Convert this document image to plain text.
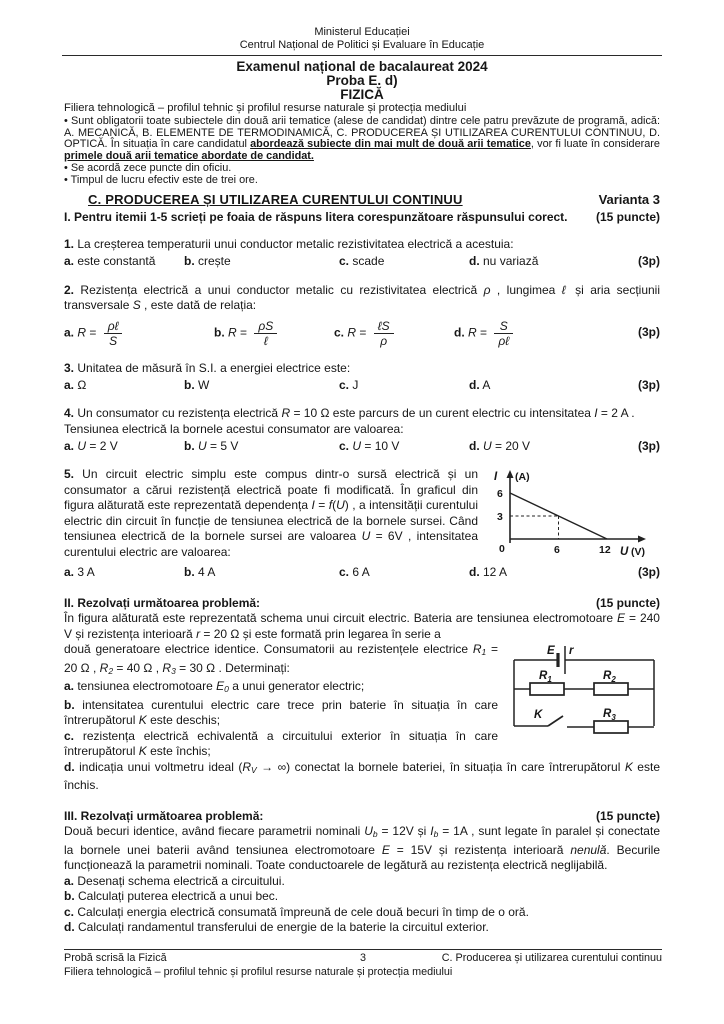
Ministerul Educației
Centrul Național de Politici și Evaluare în Educație
Examenul național de bacalaureat 2024
Proba E. d)
FIZICĂ
Filiera tehnologică – profilul tehnic și profilul resurse naturale și protecția mediului

• Sunt obligatorii toate subiectele din două arii tematice (alese de candidat) dintre cele patru prevăzute de programă, adică: A. MECANICĂ, B. ELEMENTE DE TERMODINAMICĂ, C. PRODUCEREA ȘI UTILIZAREA CURENTULUI CONTINUU, D. OPTICĂ. În situația în care candidatul abordează subiecte din mai mult de două arii tematice, vor fi luate în considerare primele două arii tematice abordate de candidat.

• Se acordă zece puncte din oficiu.

• Timpul de lucru efectiv este de trei ore.

C. PRODUCEREA ȘI UTILIZAREA CURENTULUI CONTINUU	Varianta 3
I. Pentru itemii 1-5 scrieți pe foaia de răspuns litera corespunzătoare răspunsului corect. (15 puncte)

1. La creșterea temperaturii unui conductor metalic rezistivitatea electrică a acestuia:

a. este constantă	b. crește	c. scade	d. nu variază	(3p)

2. Rezistența electrică a unui conductor metalic cu rezistivitatea electrică ρ , lungimea ℓ și aria secțiunii transversale S , este dată de relația:

a. $R = \frac{\text{ρℓ}}{S}$	b. $R = \frac{\rho S}{\text{ℓ}}$	c. $R = \frac{\text{ℓS}}{\rho}$	d. $R = \frac{S}{\text{ρℓ}}$	(3p)

3. Unitatea de măsură în S.I. a energiei electrice este:

a. Ω	b. W	c. J	d. A	(3p)

4. Un consumator cu rezistența electrică R = 10 Ω este parcurs de un curent electric cu intensitatea I = 2 A .

Tensiunea electrică la bornele acestui consumator are valoarea:

a. U = 2 V	b. U = 5 V	c. U = 10 V	d. U = 20 V	(3p)
I (A)
6
3
0	6	12 U (V)

5. Un circuit electric simplu este compus dintr-o sursă electrică și un consumator a cărui rezistență electrică poate fi modificată. În graficul din figura alăturată este reprezentată dependența I = f(U) , a intensității curentului electric din circuit în funcție de tensiunea electrică de la bornele sursei. Când tensiunea electrică de la bornele sursei are valoarea U = 6V , intensitatea curentului electric are valoarea:

a. 3 A	b. 4 A	c. 6 A	d. 12 A	(3p)
II. Rezolvați următoarea problemă:	(15 puncte)

În figura alăturată este reprezentată schema unui circuit electric. Bateria are tensiunea electromotoare E = 240 V și rezistența interioară r = 20 Ω și este formată prin legarea în serie a

E r
$R_1$	$R_2$
K	$R_3$

două generatoare electrice identice. Consumatorii au rezistențele electrice R1 = 20 Ω , R2 = 40 Ω , R3 = 30 Ω . Determinați:

a. tensiunea electromotoare E0 a unui generator electric;

b. intensitatea curentului electric care trece prin baterie în situația în care întrerupătorul K este deschis;

c. rezistența electrică echivalentă a circuitului exterior în situația în care întrerupătorul K este închis;

d. indicația unui voltmetru ideal (RV → ∞) conectat la bornele bateriei, în situația în care întrerupătorul K este închis.

III. Rezolvați următoarea problemă:	(15 puncte)

Două becuri identice, având fiecare parametrii nominali Ub = 12V și Ib = 1A , sunt legate în paralel și conectate la bornele unei baterii având tensiunea electromotoare E = 15V și rezistența interioară nenulă. Becurile funcționează la parametrii nominali. Toate conductoarele de legătură au rezistența electrică neglijabilă.

a. Desenați schema electrică a circuitului.

b. Calculați puterea electrică a unui bec.

c. Calculați energia electrică consumată împreună de cele două becuri în timp de o oră.

d. Calculați randamentul transferului de energie de la baterie la circuitul exterior.

Probă scrisă la Fizică	3	C. Producerea și utilizarea curentului continuu
Filiera tehnologică – profilul tehnic și profilul resurse naturale și protecția mediului
